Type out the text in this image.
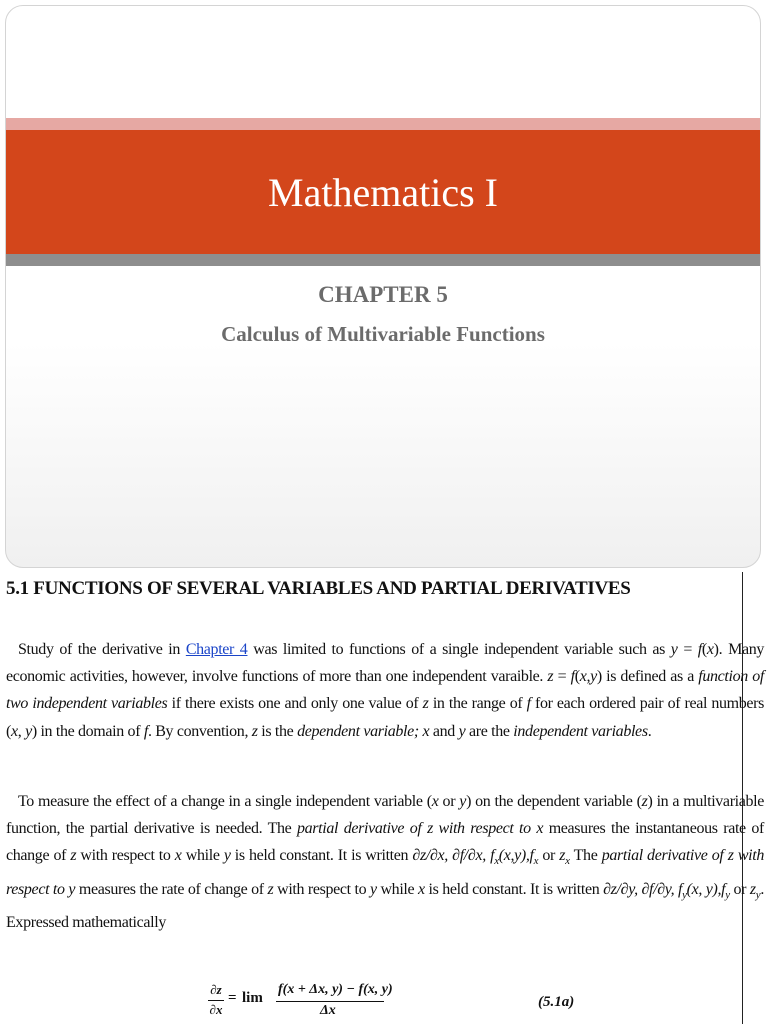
Mathematics I
CHAPTER 5
Calculus of Multivariable Functions
5.1 FUNCTIONS OF SEVERAL VARIABLES AND PARTIAL DERIVATIVES

Study of the derivative in Chapter 4 was limited to functions of a single independent variable such as y = f(x). Many economic activities, however, involve functions of more than one independent varaible. z = f(x,y) is defined as a function of two independent variables if there exists one and only one value of z in the range of f for each ordered pair of real numbers (x, y) in the domain of f. By convention, z is the dependent variable; x and y are the independent variables.

To measure the effect of a change in a single independent variable (x or y) on the dependent variable (z) in a multivariable function, the partial derivative is needed. The partial derivative of z with respect to x measures the instantaneous rate of change of z with respect to x while y is held constant. It is written ∂z/∂x, ∂f/∂x, $f_x(x,y),f_x$ or $z_x$ The partial derivative of z with respect to y measures the rate of change of z with respect to y while x is held constant. It is written ∂z/∂y, ∂f/∂y, $f_y(x$, $y),f_y$ or $z_y$. Expressed mathematically

∂z
∂x
= lim
f(x + Δx, y) − f(x, y)
Δx
(5.1a)
